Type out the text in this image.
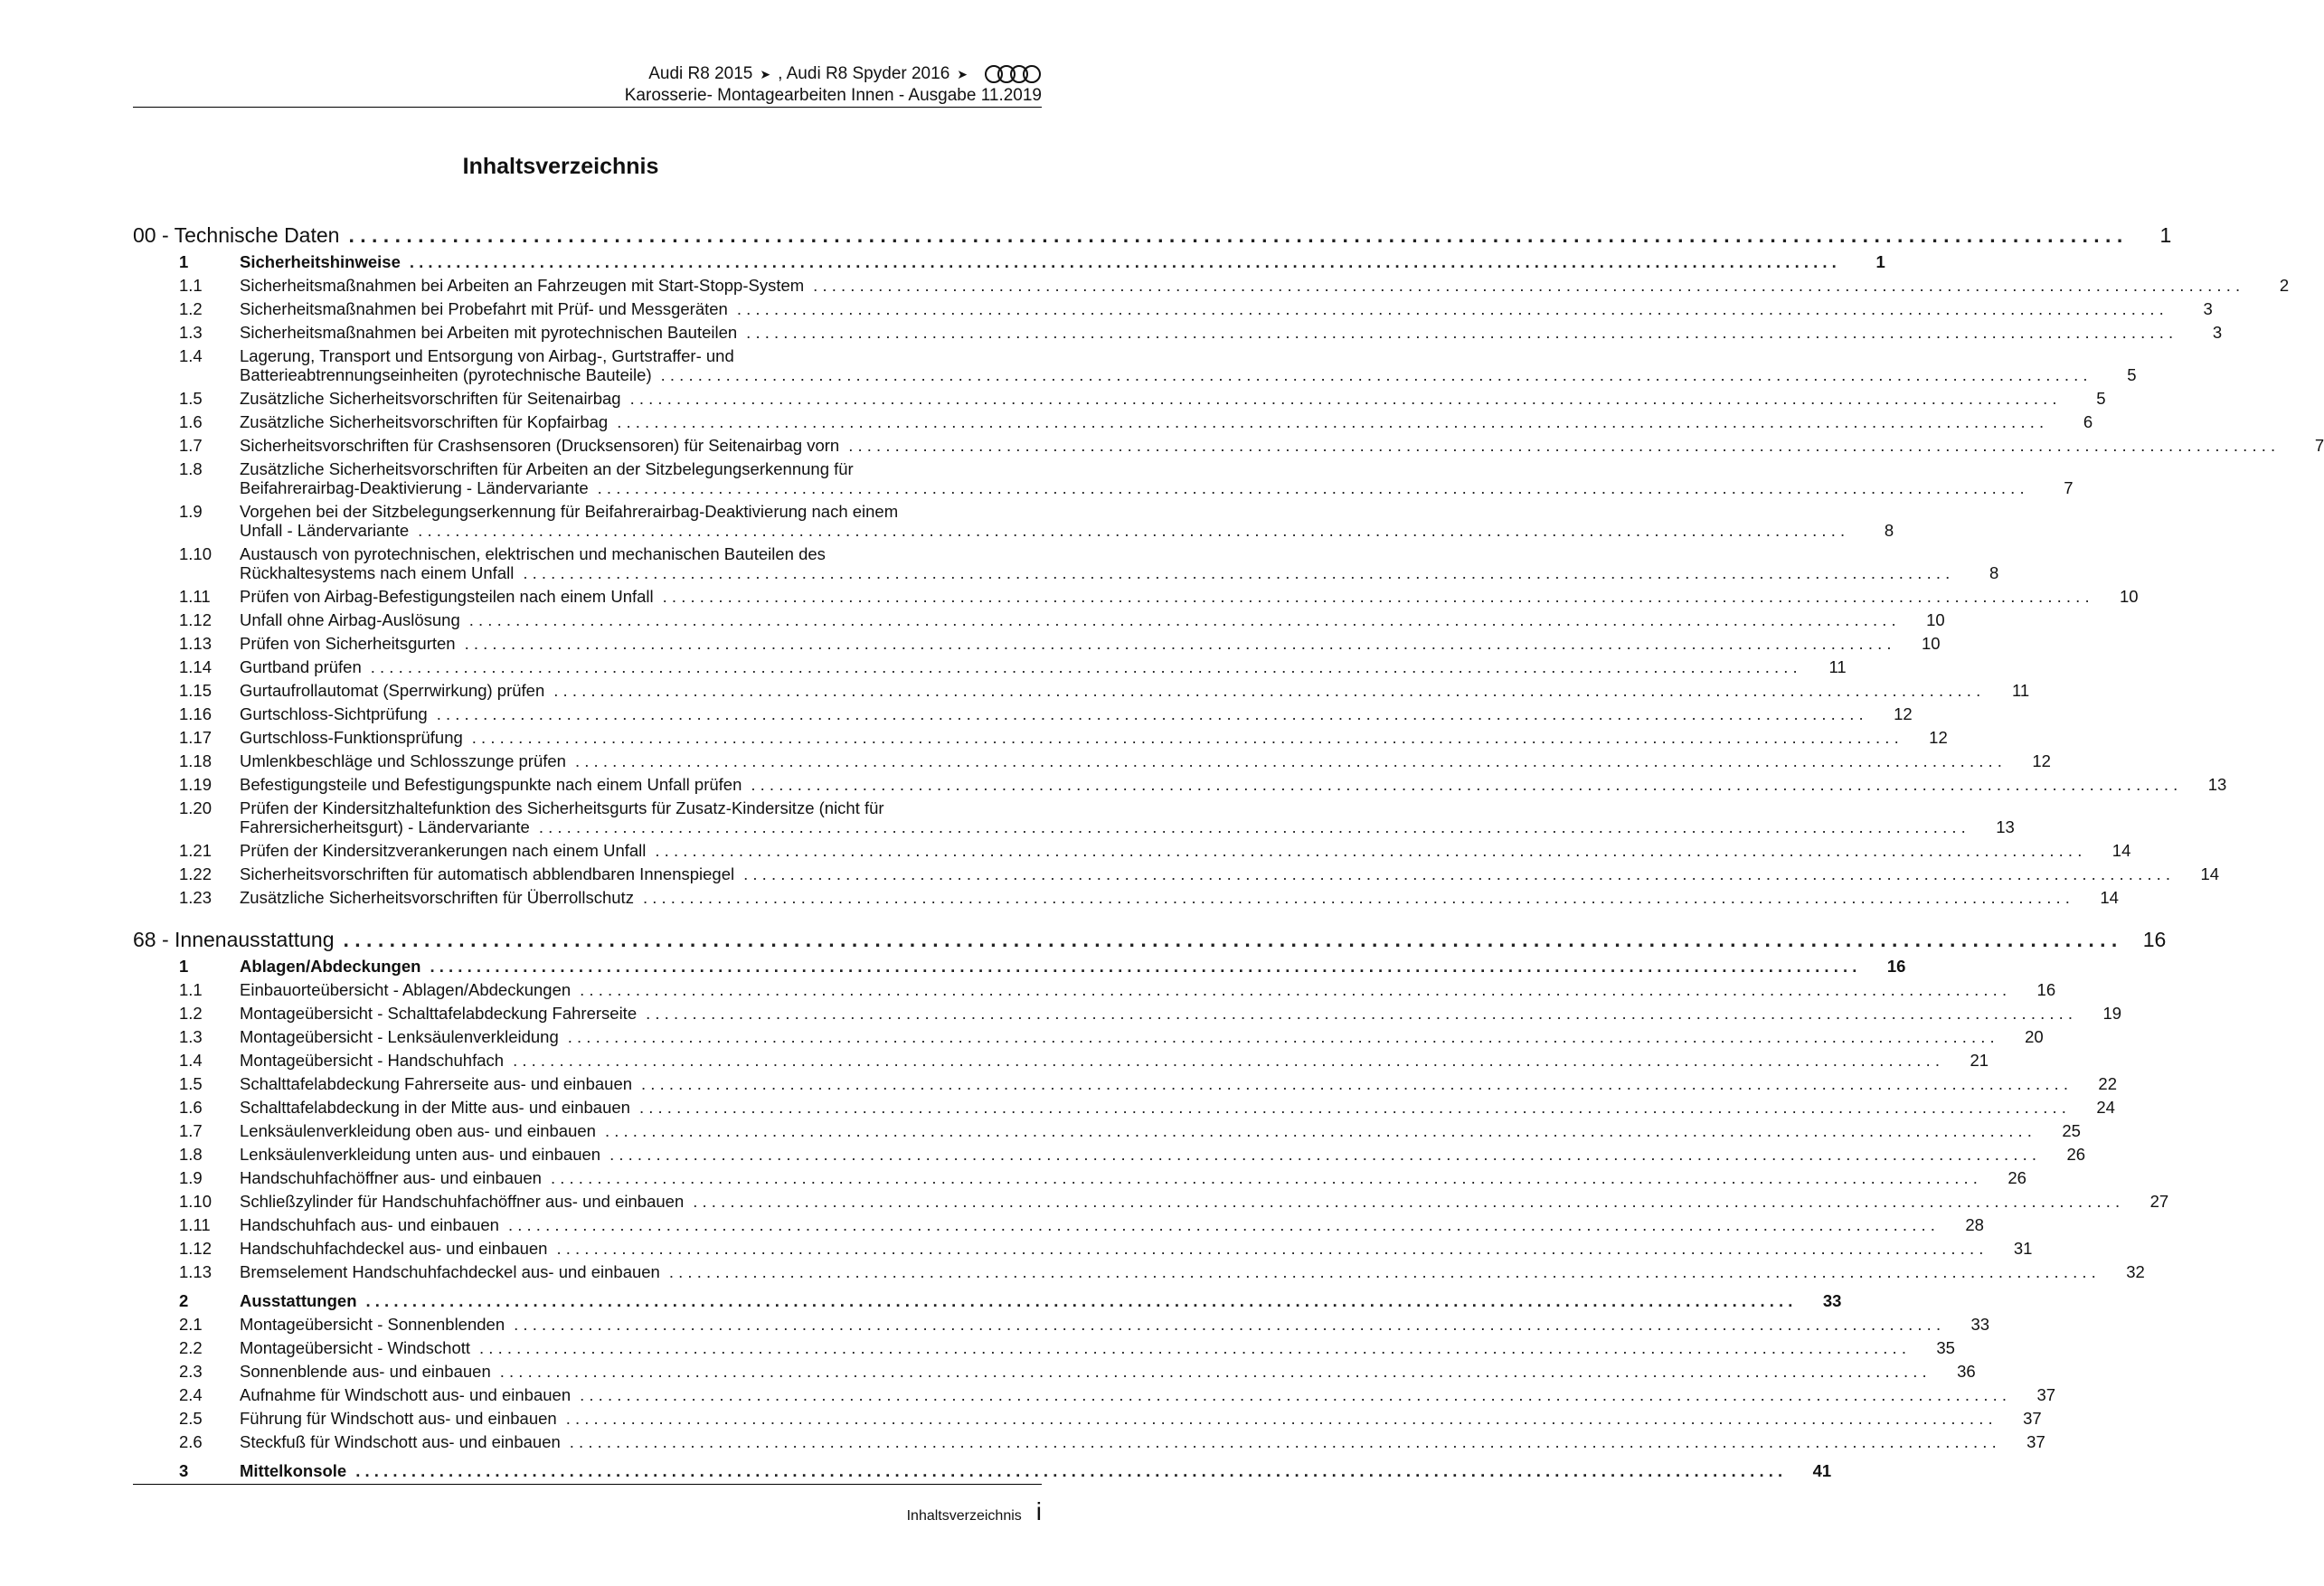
Audi R8 2015 ➤ , Audi R8 Spyder 2016 ➤
Karosserie- Montagearbeiten Innen - Ausgabe 11.2019
Inhaltsverzeichnis
00 - Technische Daten . . .	1
1	Sicherheitshinweise . . .	1
1.1	Sicherheitsmaßnahmen bei Arbeiten an Fahrzeugen mit Start-Stopp-System . . .	2
1.2	Sicherheitsmaßnahmen bei Probefahrt mit Prüf- und Messgeräten . . .	3
1.3	Sicherheitsmaßnahmen bei Arbeiten mit pyrotechnischen Bauteilen . . .	3
1.4	Lagerung, Transport und Entsorgung von Airbag-, Gurtstraffer- und
Batterieabtrennungseinheiten (pyrotechnische Bauteile) . . .	5
1.5	Zusätzliche Sicherheitsvorschriften für Seitenairbag . . .	5
1.6	Zusätzliche Sicherheitsvorschriften für Kopfairbag . . .	6
1.7	Sicherheitsvorschriften für Crashsensoren (Drucksensoren) für Seitenairbag vorn . . .	7
1.8	Zusätzliche Sicherheitsvorschriften für Arbeiten an der Sitzbelegungserkennung für
Beifahrerairbag-Deaktivierung - Ländervariante . . .	7
1.9	Vorgehen bei der Sitzbelegungserkennung für Beifahrerairbag-Deaktivierung nach einem
Unfall - Ländervariante . . .	8
1.10	Austausch von pyrotechnischen, elektrischen und mechanischen Bauteilen des
Rückhaltesystems nach einem Unfall . . .	8
1.11	Prüfen von Airbag-Befestigungsteilen nach einem Unfall . . .	10
1.12	Unfall ohne Airbag-Auslösung . . .	10
1.13	Prüfen von Sicherheitsgurten . . .	10
1.14	Gurtband prüfen . . .	11
1.15	Gurtaufrollautomat (Sperrwirkung) prüfen . . .	11
1.16	Gurtschloss-Sichtprüfung . . .	12
1.17	Gurtschloss-Funktionsprüfung . . .	12
1.18	Umlenkbeschläge und Schlosszunge prüfen . . .	12
1.19	Befestigungsteile und Befestigungspunkte nach einem Unfall prüfen . . .	13
1.20	Prüfen der Kindersitzhaltefunktion des Sicherheitsgurts für Zusatz-Kindersitze (nicht für
Fahrersicherheitsgurt) - Ländervariante . . .	13
1.21	Prüfen der Kindersitzverankerungen nach einem Unfall . . .	14
1.22	Sicherheitsvorschriften für automatisch abblendbaren Innenspiegel . . .	14
1.23	Zusätzliche Sicherheitsvorschriften für Überrollschutz . . .	14
68 - Innenausstattung . . .	16
1	Ablagen/Abdeckungen . . .	16
1.1	Einbauorteübersicht - Ablagen/Abdeckungen . . .	16
1.2	Montageübersicht - Schalttafelabdeckung Fahrerseite . . .	19
1.3	Montageübersicht - Lenksäulenverkleidung . . .	20
1.4	Montageübersicht - Handschuhfach . . .	21
1.5	Schalttafelabdeckung Fahrerseite aus- und einbauen . . .	22
1.6	Schalttafelabdeckung in der Mitte aus- und einbauen . . .	24
1.7	Lenksäulenverkleidung oben aus- und einbauen . . .	25
1.8	Lenksäulenverkleidung unten aus- und einbauen . . .	26
1.9	Handschuhfachöffner aus- und einbauen . . .	26
1.10	Schließzylinder für Handschuhfachöffner aus- und einbauen . . .	27
1.11	Handschuhfach aus- und einbauen . . .	28
1.12	Handschuhfachdeckel aus- und einbauen . . .	31
1.13	Bremselement Handschuhfachdeckel aus- und einbauen . . .	32
2	Ausstattungen . . .	33
2.1	Montageübersicht - Sonnenblenden . . .	33
2.2	Montageübersicht - Windschott . . .	35
2.3	Sonnenblende aus- und einbauen . . .	36
2.4	Aufnahme für Windschott aus- und einbauen . . .	37
2.5	Führung für Windschott aus- und einbauen . . .	37
2.6	Steckfuß für Windschott aus- und einbauen . . .	37
3	Mittelkonsole . . .	41
Inhaltsverzeichnis i
